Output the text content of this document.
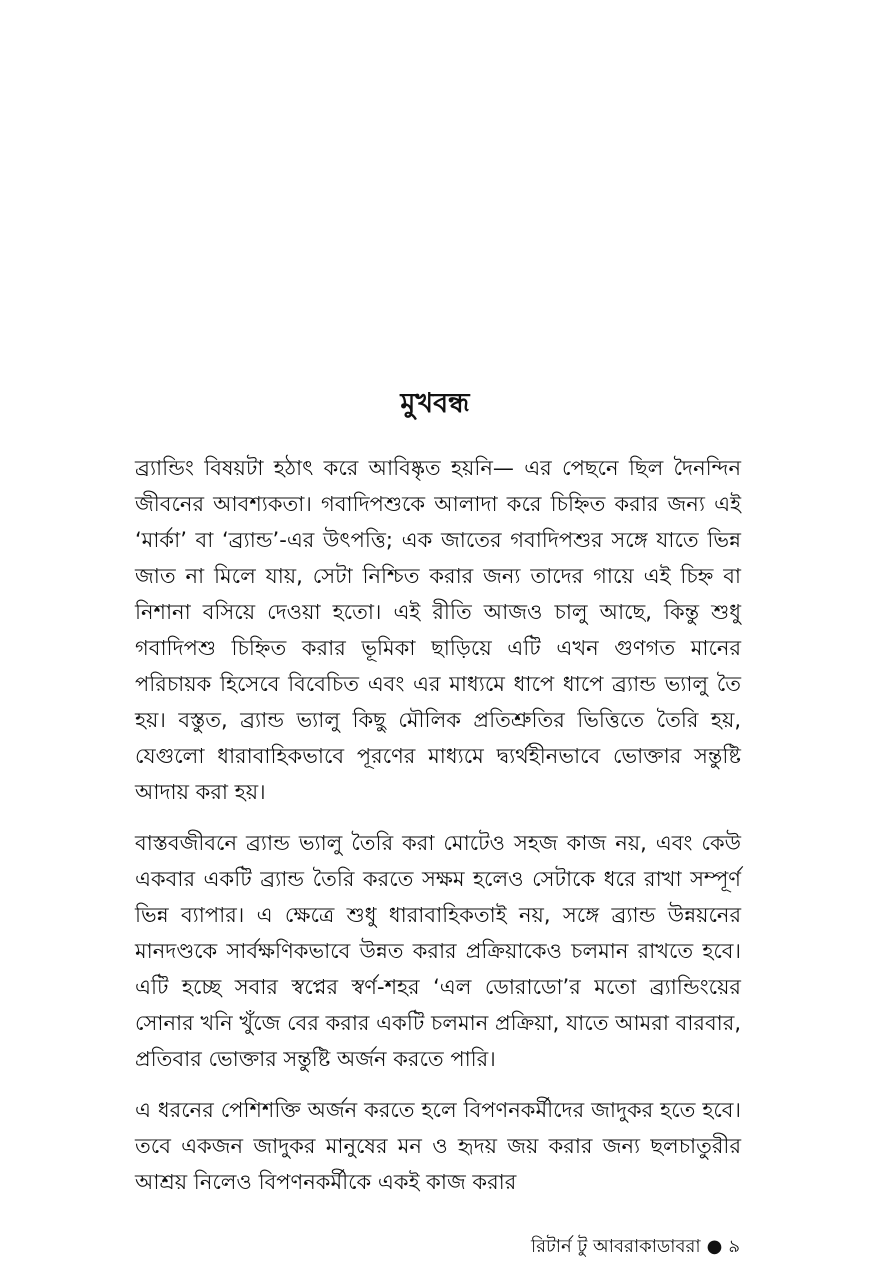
মুখবন্ধ

ব্র্যান্ডিং বিষয়টা হঠাৎ করে আবিষ্কৃত হয়নি— এর পেছনে ছিল দৈনন্দিন জীবনের আবশ্যকতা। গবাদিপশুকে আলাদা করে চিহ্নিত করার জন্য এই ‘মার্কা’ বা ‘ব্র্যান্ড’-এর উৎপত্তি; এক জাতের গবাদিপশুর সঙ্গে যাতে ভিন্ন জাত না মিলে যায়, সেটা নিশ্চিত করার জন্য তাদের গায়ে এই চিহ্ন বা নিশানা বসিয়ে দেওয়া হতো। এই রীতি আজও চালু আছে, কিন্তু শুধু গবাদিপশু চিহ্নিত করার ভূমিকা ছাড়িয়ে এটি এখন গুণগত মানের পরিচায়ক হিসেবে বিবেচিত এবং এর মাধ্যমে ধাপে ধাপে ব্র্যান্ড ভ্যালু তৈ হয়। বস্তুত, ব্র্যান্ড ভ্যালু কিছু মৌলিক প্রতিশ্রুতির ভিত্তিতে তৈরি হয়, যেগুলো ধারাবাহিকভাবে পূরণের মাধ্যমে দ্ব্যর্থহীনভাবে ভোক্তার সন্তুষ্টি আদায় করা হয়।

বাস্তবজীবনে ব্র্যান্ড ভ্যালু তৈরি করা মোটেও সহজ কাজ নয়, এবং কেউ একবার একটি ব্র্যান্ড তৈরি করতে সক্ষম হলেও সেটাকে ধরে রাখা সম্পূর্ণ ভিন্ন ব্যাপার। এ ক্ষেত্রে শুধু ধারাবাহিকতাই নয়, সঙ্গে ব্র্যান্ড উন্নয়নের মানদণ্ডকে সার্বক্ষণিকভাবে উন্নত করার প্রক্রিয়াকেও চলমান রাখতে হবে। এটি হচ্ছে সবার স্বপ্নের স্বর্ণ-শহর ‘এল ডোরাডো’র মতো ব্র্যান্ডিংয়ের সোনার খনি খুঁজে বের করার একটি চলমান প্রক্রিয়া, যাতে আমরা বারবার, প্রতিবার ভোক্তার সন্তুষ্টি অর্জন করতে পারি।

এ ধরনের পেশিশক্তি অর্জন করতে হলে বিপণনকর্মীদের জাদুকর হতে হবে। তবে একজন জাদুকর মানুষের মন ও হৃদয় জয় করার জন্য ছলচাতুরীর আশ্রয় নিলেও বিপণনকর্মীকে একই কাজ করার

রিটার্ন টু আবরাকাডাবরা ● ৯
